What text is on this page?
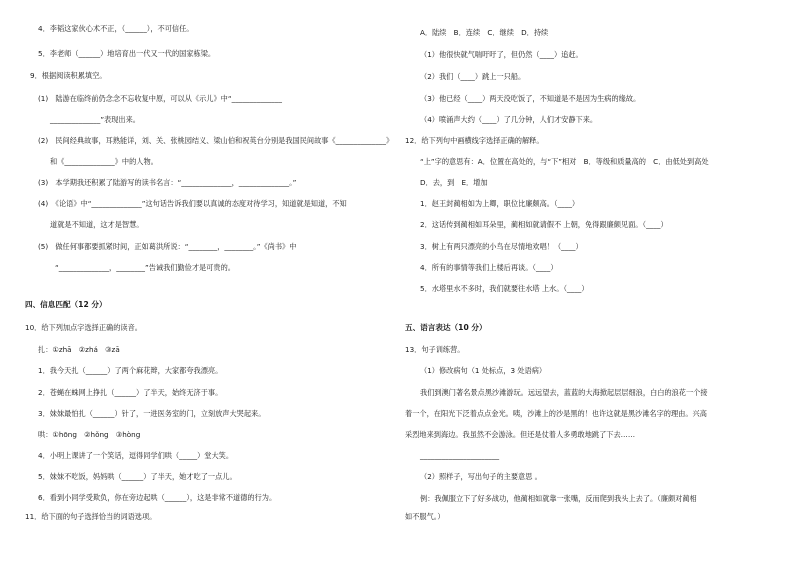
4．李韬这家伙心术不正，（______），不可信任。
5．李老师（______）地培育出一代又一代的国家栋梁。
9．根据阅读积累填空。
(1)　陆游在临终前仍念念不忘收复中原，可以从《示儿》中“______________
______________”表现出来。
(2)　民间经典故事，耳熟能详，刘、关、张桃园结义、梁山伯和祝英台分别是我国民间故事《______________》
和《______________》中的人物。
(3)　本学期我还积累了陆游写的读书名言：“______________，______________。”
(4)　《论语》中“______________”这句话告诉我们要以真诚的态度对待学习，知道就是知道，不知
道就是不知道，这才是智慧。
(5)　做任何事都要抓紧时间，正如葛洪所说：“________，________。”《尚书》中
“______________，________”告诫我们勤俭才是可贵的。
四、信息匹配（12 分）
10．给下列加点字选择正确的读音。
扎：①zhā　②zhá　③zā
1．我今天扎（______）了两个麻花辫，大家都夸我漂亮。
2．苍蝇在蛛网上挣扎（______）了半天，始终无济于事。
3．妹妹最怕扎（______）针了，一进医务室的门，立刻放声大哭起来。
哄：①hōng　②hǒng　③hòng
4．小明上课讲了一个笑话，逗得同学们哄（_____）堂大笑。
5．妹妹不吃饭，妈妈哄（______）了半天，她才吃了一点儿。
6．看到小同学受欺负，你在旁边起哄（______），这是非常不道德的行为。
11．给下面的句子选择恰当的词语选项。
A．陆续　B．连续　C．继续　D．持续
（1）他很快就气喘吁吁了，但仍然（____）追赶。
（2）我们（____）跳上一只船。
（3）他已经（____）两天没吃饭了，不知道是不是因为生病的缘故。
（4）喷涌声大约（____）了几分钟，人们才安静下来。
12．给下列句中画横线字选择正确的解释。
“上”字的意思有：A．位置在高处的，与“下”相对　B．等级和质量高的　C．由低处到高处
D．去，到　E．增加
1．赵王封蔺相如为上卿，职位比廉颇高。（____）
2．这话传到蔺相如耳朵里，蔺相如就请假不 上朝，免得跟廉颇见面。（____）
3．树上有两只漂亮的小鸟在尽情地欢唱！（____）
4．所有的事情等我们上楼后再谈。（____）
5．水塔里水不多时，我们就要往水塔 上水。（____）
五、语言表达（10 分）
13．句子训练营。
（1）修改病句（1 处标点，3 处语病）
我们到澳门著名景点黑沙滩游玩。远远望去，蓝蓝的大海掀起层层细浪，白白的浪花一个接
着一个，在阳光下泛着点点金光。咦，沙滩上的沙是黑的！也许这就是黑沙滩名字的理由。兴高
采烈地来到海边。我虽然不会游泳。但还是仗着人多勇敢地跳了下去……
______________________
（2）照样子，写出句子的主要意思 。
例：我佩服立下了好多战功，他蔺相如就靠一张嘴，反而爬到我头上去了。（廉颇对蔺相
如不服气。）
